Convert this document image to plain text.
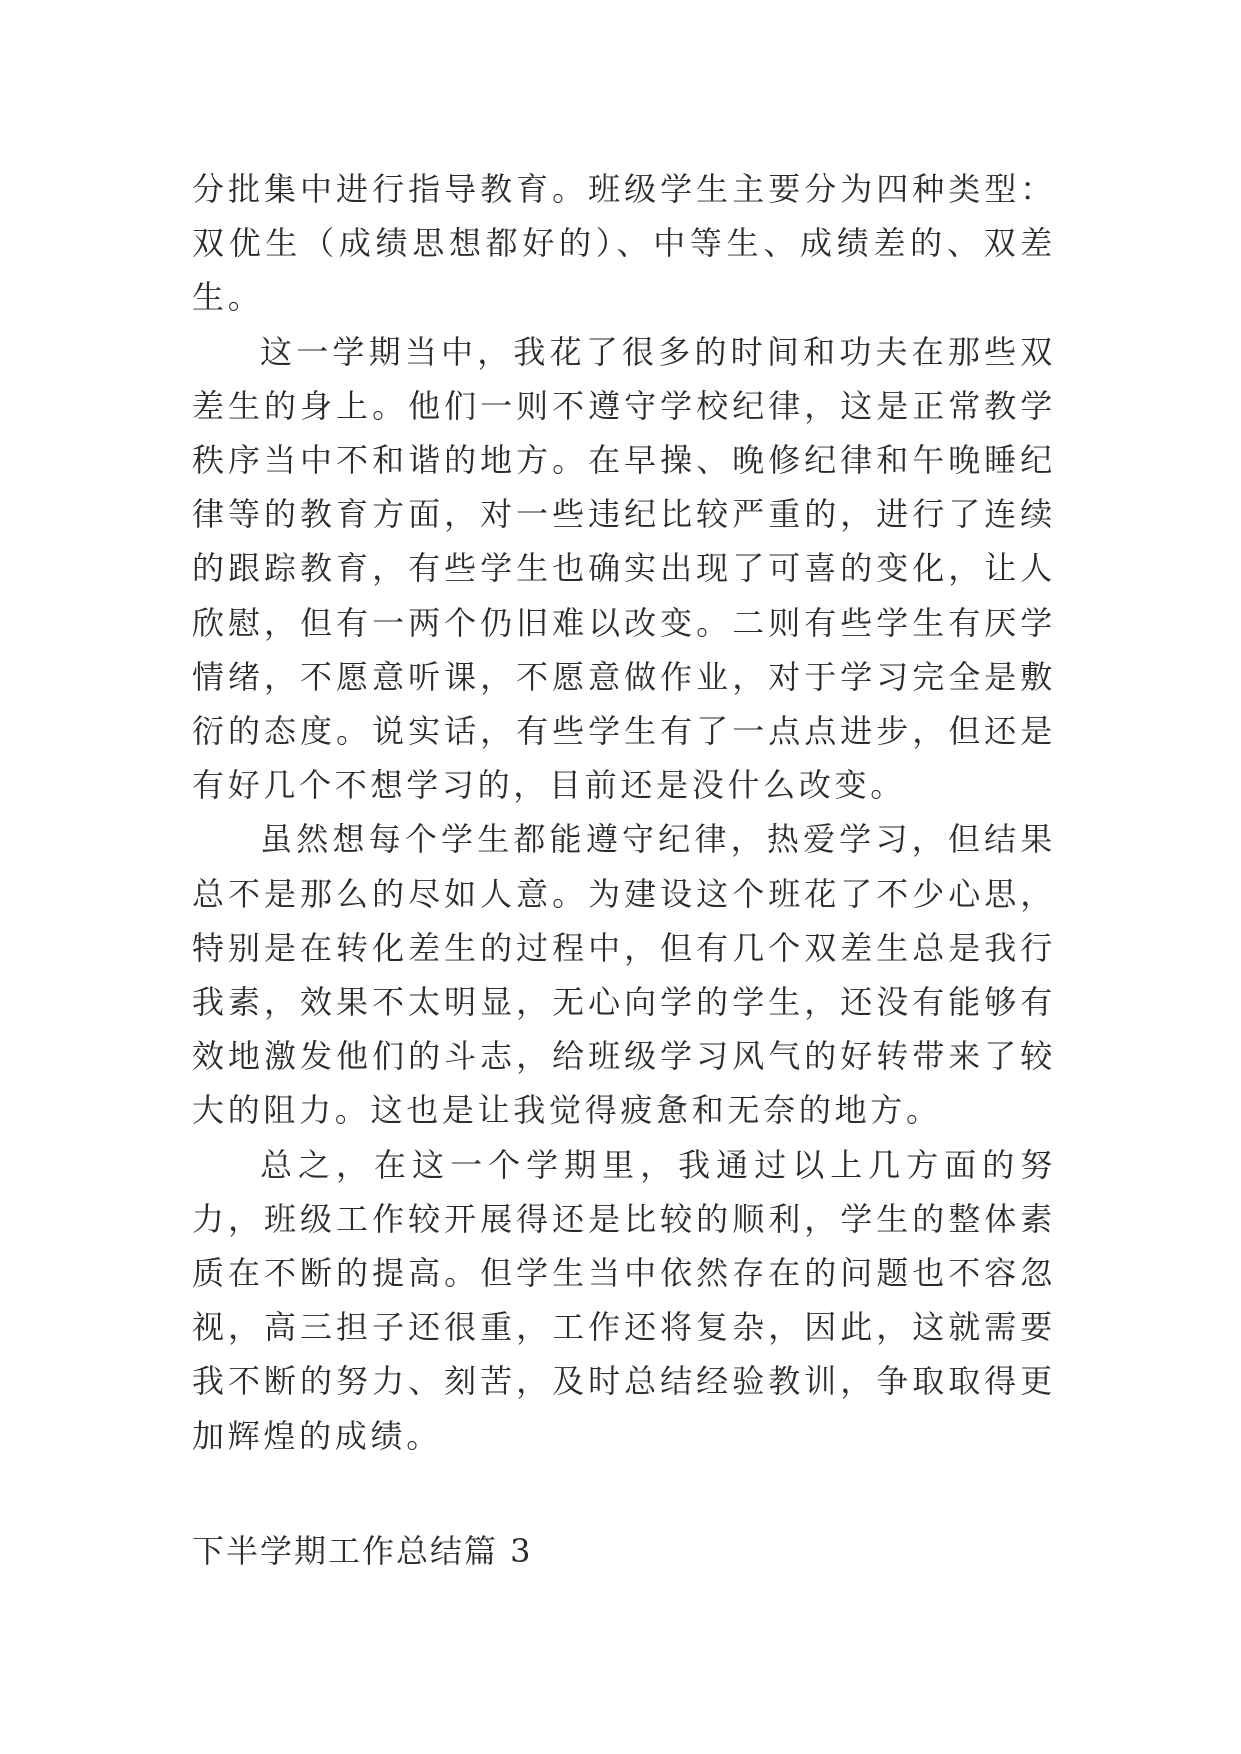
分批集中进行指导教育。班级学生主要分为四种类型：双优生（成绩思想都好的）、中等生、成绩差的、双差生。

这一学期当中，我花了很多的时间和功夫在那些双差生的身上。他们一则不遵守学校纪律，这是正常教学秩序当中不和谐的地方。在早操、晚修纪律和午晚睡纪律等的教育方面，对一些违纪比较严重的，进行了连续的跟踪教育，有些学生也确实出现了可喜的变化，让人欣慰，但有一两个仍旧难以改变。二则有些学生有厌学情绪，不愿意听课，不愿意做作业，对于学习完全是敷衍的态度。说实话，有些学生有了一点点进步，但还是有好几个不想学习的，目前还是没什么改变。

虽然想每个学生都能遵守纪律，热爱学习，但结果总不是那么的尽如人意。为建设这个班花了不少心思，特别是在转化差生的过程中，但有几个双差生总是我行我素，效果不太明显，无心向学的学生，还没有能够有效地激发他们的斗志，给班级学习风气的好转带来了较大的阻力。这也是让我觉得疲惫和无奈的地方。

总之，在这一个学期里，我通过以上几方面的努力，班级工作较开展得还是比较的顺利，学生的整体素质在不断的提高。但学生当中依然存在的问题也不容忽视，高三担子还很重，工作还将复杂，因此，这就需要我不断的努力、刻苦，及时总结经验教训，争取取得更加辉煌的成绩。

下半学期工作总结篇 3
